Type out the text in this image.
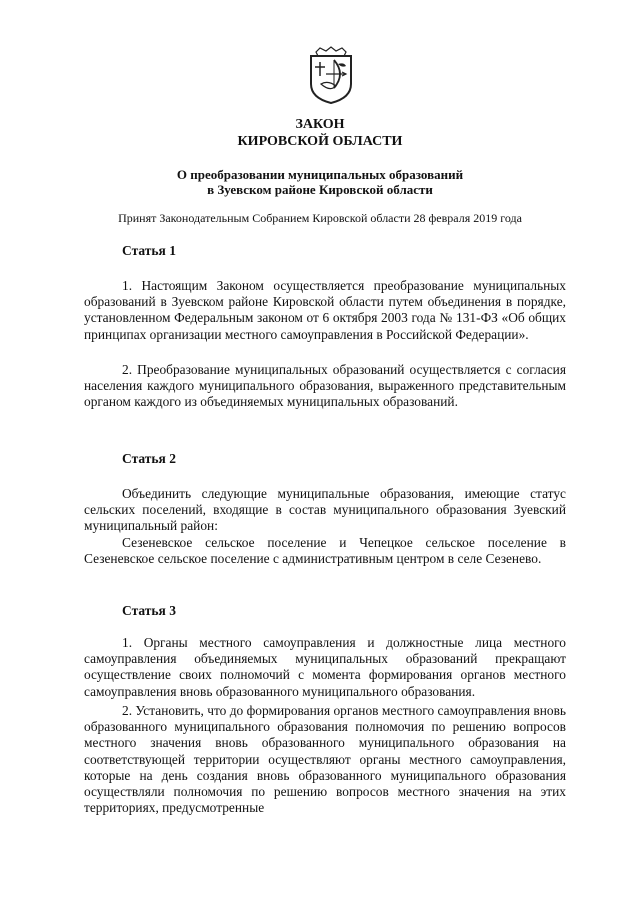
ЗАКОН
КИРОВСКОЙ ОБЛАСТИ
О преобразовании муниципальных образований
в Зуевском районе Кировской области
Принят Законодательным Собранием Кировской области 28 февраля 2019 года
Статья 1

1. Настоящим Законом осуществляется преобразование муниципальных образований в Зуевском районе Кировской области путем объединения в порядке, установленном Федеральным законом от 6 октября 2003 года № 131-ФЗ «Об общих принципах организации местного самоуправления в Российской Федерации».

2. Преобразование муниципальных образований осуществляется с согласия населения каждого муниципального образования, выраженного представительным органом каждого из объединяемых муниципальных образований.

Статья 2

Объединить следующие муниципальные образования, имеющие статус сельских поселений, входящие в состав муниципального образования Зуевский муниципальный район:

Сезеневское сельское поселение и Чепецкое сельское поселение в Сезеневское сельское поселение с административным центром в селе Сезенево.

Статья 3

1. Органы местного самоуправления и должностные лица местного самоуправления объединяемых муниципальных образований прекращают осуществление своих полномочий с момента формирования органов местного самоуправления вновь образованного муниципального образования.

2. Установить, что до формирования органов местного самоуправления вновь образованного муниципального образования полномочия по решению вопросов местного значения вновь образованного муниципального образования на соответствующей территории осуществляют органы местного самоуправления, которые на день создания вновь образованного муниципального образования осуществляли полномочия по решению вопросов местного значения на этих территориях, предусмотренные
